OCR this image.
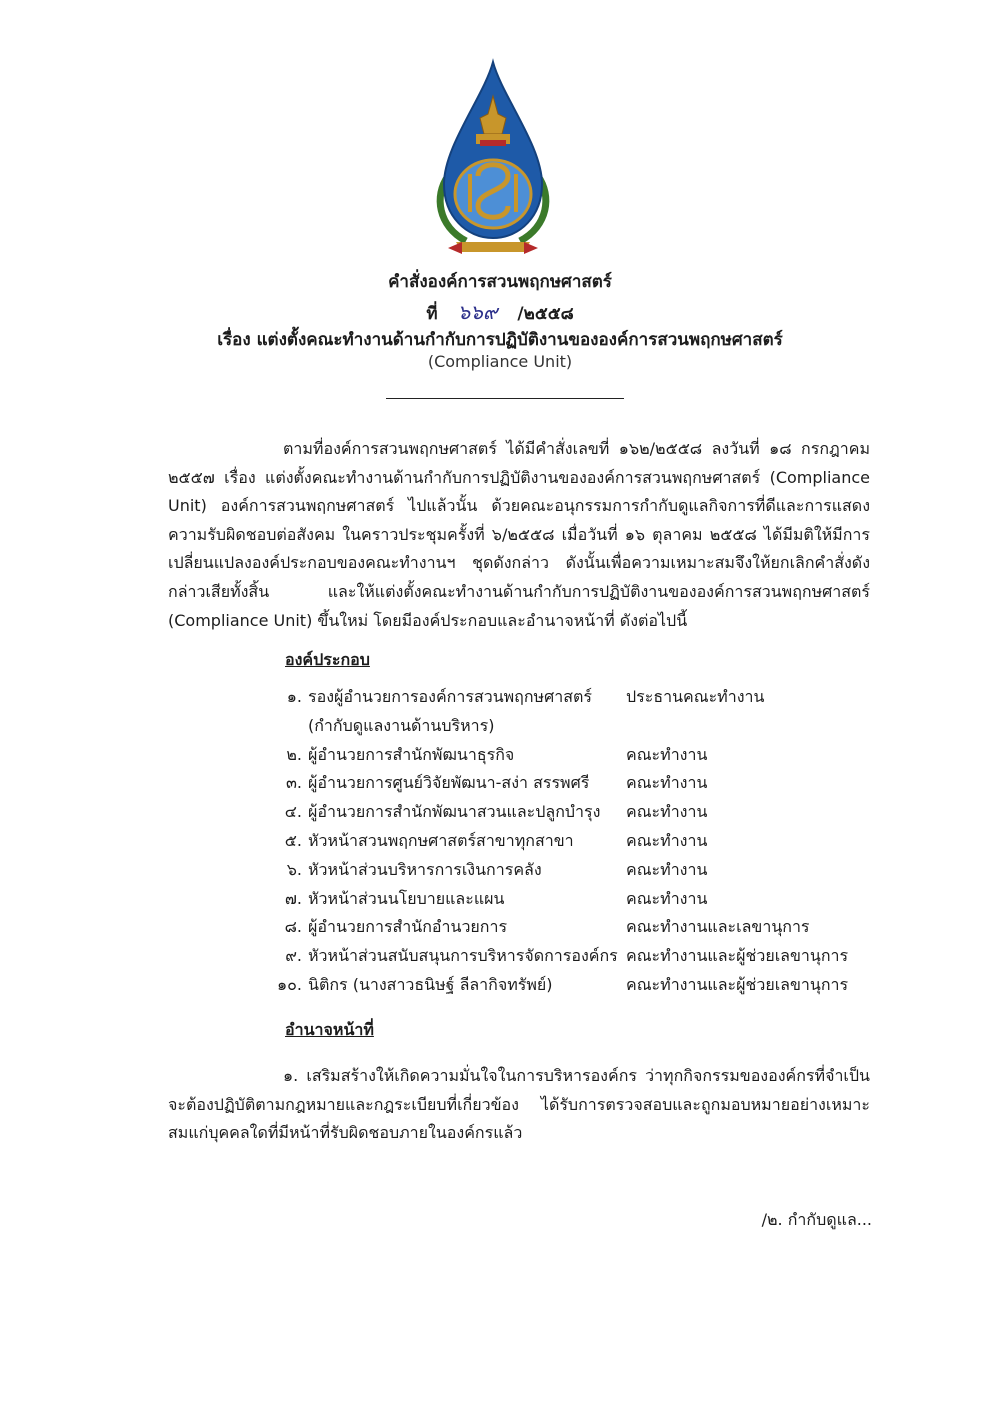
คำสั่งองค์การสวนพฤกษศาสตร์
ที่ ๖๖๙ /๒๕๕๘
เรื่อง แต่งตั้งคณะทำงานด้านกำกับการปฏิบัติงานขององค์การสวนพฤกษศาสตร์
(Compliance Unit)
ตามที่องค์การสวนพฤกษศาสตร์ ได้มีคำสั่งเลขที่ ๑๖๒/๒๕๕๘ ลงวันที่ ๑๘ กรกฎาคม ๒๕๕๗ เรื่อง แต่งตั้งคณะทำงานด้านกำกับการปฏิบัติงานขององค์การสวนพฤกษศาสตร์ (Compliance Unit) องค์การสวนพฤกษศาสตร์ ไปแล้วนั้น ด้วยคณะอนุกรรมการกำกับดูแลกิจการที่ดีและการแสดงความรับผิดชอบต่อสังคม ในคราวประชุมครั้งที่ ๖/๒๕๕๘ เมื่อวันที่ ๑๖ ตุลาคม ๒๕๕๘ ได้มีมติให้มีการเปลี่ยนแปลงองค์ประกอบของคณะทำงานฯ ชุดดังกล่าว ดังนั้นเพื่อความเหมาะสมจึงให้ยกเลิกคำสั่งดังกล่าวเสียทั้งสิ้น และให้แต่งตั้งคณะทำงานด้านกำกับการปฏิบัติงานขององค์การสวนพฤกษศาสตร์ (Compliance Unit) ขึ้นใหม่ โดยมีองค์ประกอบและอำนาจหน้าที่ ดังต่อไปนี้
องค์ประกอบ
๑. รองผู้อำนวยการองค์การสวนพฤกษศาสตร์	ประธานคณะทำงาน
(กำกับดูแลงานด้านบริหาร)
๒. ผู้อำนวยการสำนักพัฒนาธุรกิจ	คณะทำงาน
๓. ผู้อำนวยการศูนย์วิจัยพัฒนา-สง่า สรรพศรี	คณะทำงาน
๔. ผู้อำนวยการสำนักพัฒนาสวนและปลูกบำรุง	คณะทำงาน
๕. หัวหน้าสวนพฤกษศาสตร์สาขาทุกสาขา	คณะทำงาน
๖. หัวหน้าส่วนบริหารการเงินการคลัง	คณะทำงาน
๗. หัวหน้าส่วนนโยบายและแผน	คณะทำงาน
๘. ผู้อำนวยการสำนักอำนวยการ	คณะทำงานและเลขานุการ
๙. หัวหน้าส่วนสนับสนุนการบริหารจัดการองค์กร คณะทำงานและผู้ช่วยเลขานุการ
๑๐. นิติกร (นางสาวธนิษฐ์ ลีลากิจทรัพย์)	คณะทำงานและผู้ช่วยเลขานุการ
อำนาจหน้าที่
๑. เสริมสร้างให้เกิดความมั่นใจในการบริหารองค์กร ว่าทุกกิจกรรมขององค์กรที่จำเป็นจะต้องปฏิบัติตามกฎหมายและกฎระเบียบที่เกี่ยวข้อง ได้รับการตรวจสอบและถูกมอบหมายอย่างเหมาะสมแก่บุคคลใดที่มีหน้าที่รับผิดชอบภายในองค์กรแล้ว
/๒. กำกับดูแล...
